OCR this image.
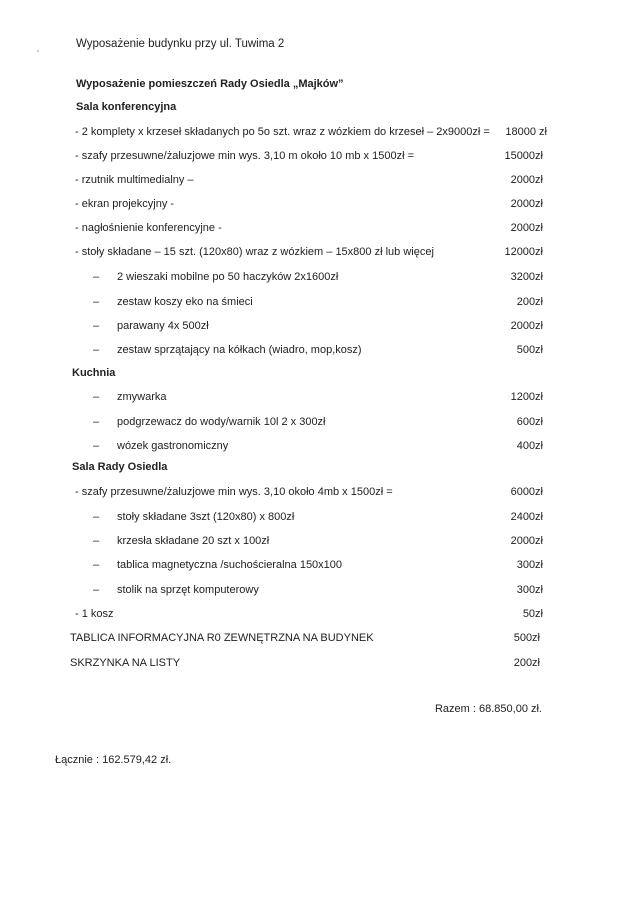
Wyposażenie budynku przy ul. Tuwima 2
Wyposażenie pomieszczeń Rady Osiedla „Majków”
Sala konferencyjna
- 2 komplety x krzeseł składanych po 5o szt. wraz z wózkiem do krzeseł – 2x9000zł = 18000 zł
- szafy przesuwne/żaluzjowe min wys. 3,10 m około 10 mb x 1500zł =	15000zł
- rzutnik multimedialny –	2000zł
- ekran projekcyjny -	2000zł
- nagłośnienie konferencyjne -	2000zł
- stoły składane – 15 szt. (120x80) wraz z wózkiem – 15x800 zł lub więcej	12000zł
– 2 wieszaki mobilne po 50 haczyków 2x1600zł	3200zł
– zestaw koszy eko na śmieci	200zł
– parawany 4x 500zł	2000zł
– zestaw sprzątający na kółkach (wiadro, mop,kosz)	500zł
Kuchnia
– zmywarka	1200zł
– podgrzewacz do wody/warnik 10l 2 x 300zł	600zł
– wózek gastronomiczny	400zł
Sala Rady Osiedla
- szafy przesuwne/żaluzjowe min wys. 3,10 około 4mb x 1500zł =	6000zł
– stoły składane 3szt (120x80) x 800zł	2400zł
– krzesła składane 20 szt x 100zł	2000zł
– tablica magnetyczna /suchościeralna 150x100	300zł
– stolik na sprzęt komputerowy	300zł
- 1 kosz	50zł
TABLICA INFORMACYJNA R0 ZEWNĘTRZNA NA BUDYNEK	500zł
SKRZYNKA NA LISTY	200zł
Razem : 68.850,00 zł.
Łącznie : 162.579,42 zł.
